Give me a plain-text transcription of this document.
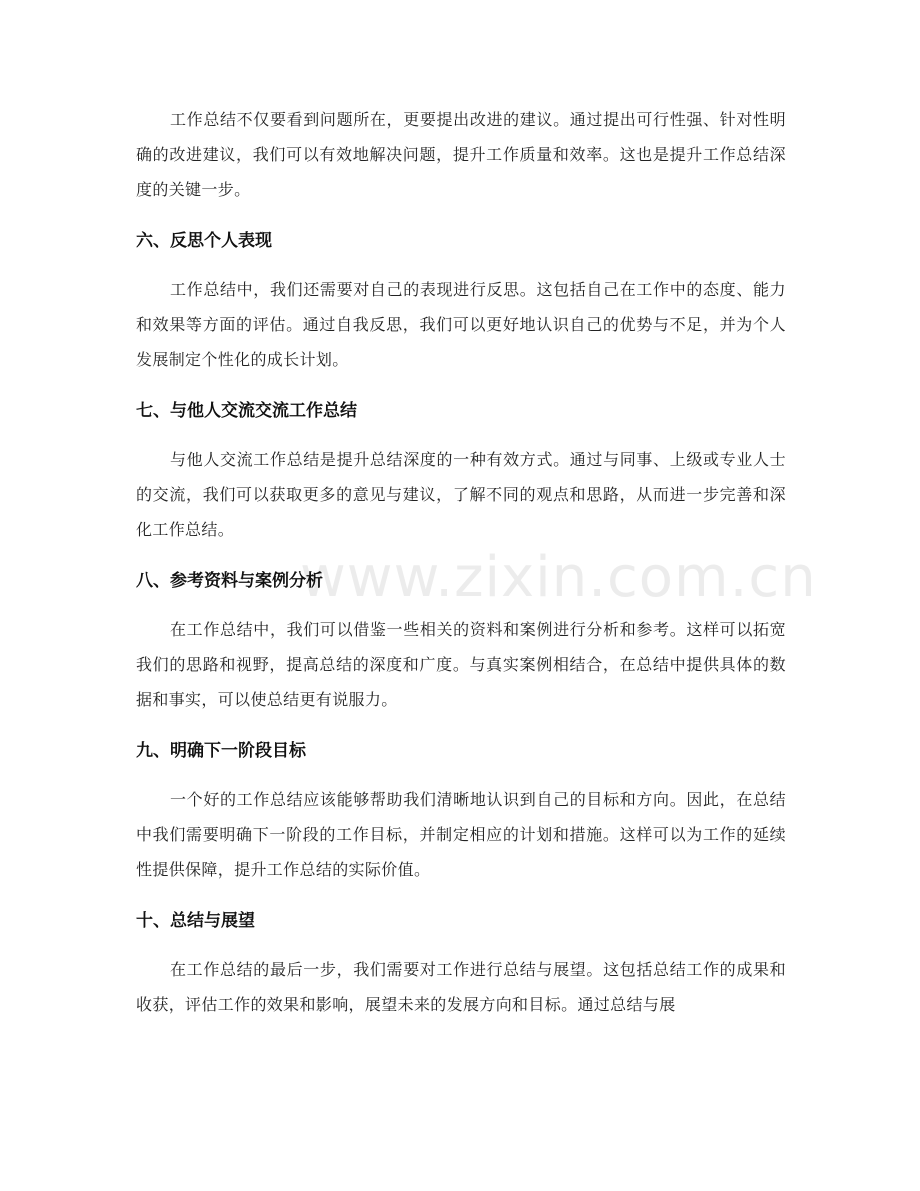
www.zixin.com.cn

工作总结不仅要看到问题所在，更要提出改进的建议。通过提出可行性强、针对性明确的改进建议，我们可以有效地解决问题，提升工作质量和效率。这也是提升工作总结深度的关键一步。

六、反思个人表现

工作总结中，我们还需要对自己的表现进行反思。这包括自己在工作中的态度、能力和效果等方面的评估。通过自我反思，我们可以更好地认识自己的优势与不足，并为个人发展制定个性化的成长计划。

七、与他人交流交流工作总结

与他人交流工作总结是提升总结深度的一种有效方式。通过与同事、上级或专业人士的交流，我们可以获取更多的意见与建议，了解不同的观点和思路，从而进一步完善和深化工作总结。

八、参考资料与案例分析

在工作总结中，我们可以借鉴一些相关的资料和案例进行分析和参考。这样可以拓宽我们的思路和视野，提高总结的深度和广度。与真实案例相结合，在总结中提供具体的数据和事实，可以使总结更有说服力。

九、明确下一阶段目标

一个好的工作总结应该能够帮助我们清晰地认识到自己的目标和方向。因此，在总结中我们需要明确下一阶段的工作目标，并制定相应的计划和措施。这样可以为工作的延续性提供保障，提升工作总结的实际价值。

十、总结与展望

在工作总结的最后一步，我们需要对工作进行总结与展望。这包括总结工作的成果和收获，评估工作的效果和影响，展望未来的发展方向和目标。通过总结与展
